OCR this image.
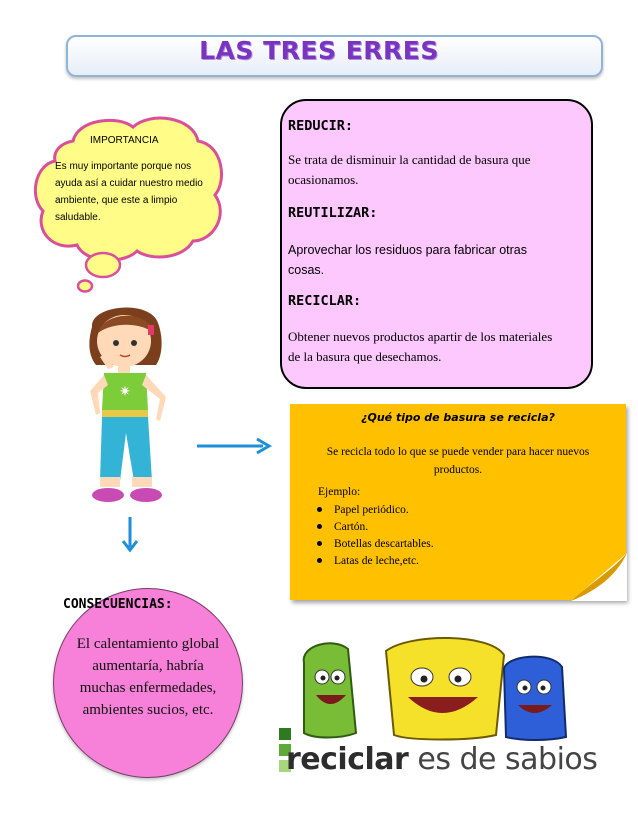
LAS TRES ERRES
IMPORTANCIA
Es muy importante porque nos ayuda así a cuidar nuestro medio ambiente, que este a limpio saludable.
REDUCIR:
Se trata de disminuir la cantidad de basura que ocasionamos.
REUTILIZAR:
Aprovechar los residuos para fabricar otras cosas.
RECICLAR:
Obtener nuevos productos apartir de los materiales de la basura que desechamos.
✷
¿Qué tipo de basura se recicla?
Se recicla todo lo que se puede vender para hacer nuevos productos.
Ejemplo:
Papel periódico.
Cartón.
Botellas descartables.
Latas de leche,etc.
CONSECUENCIAS:
El calentamiento global aumentaría, habría muchas enfermedades, ambientes sucios, etc.
reciclar es de sabios
